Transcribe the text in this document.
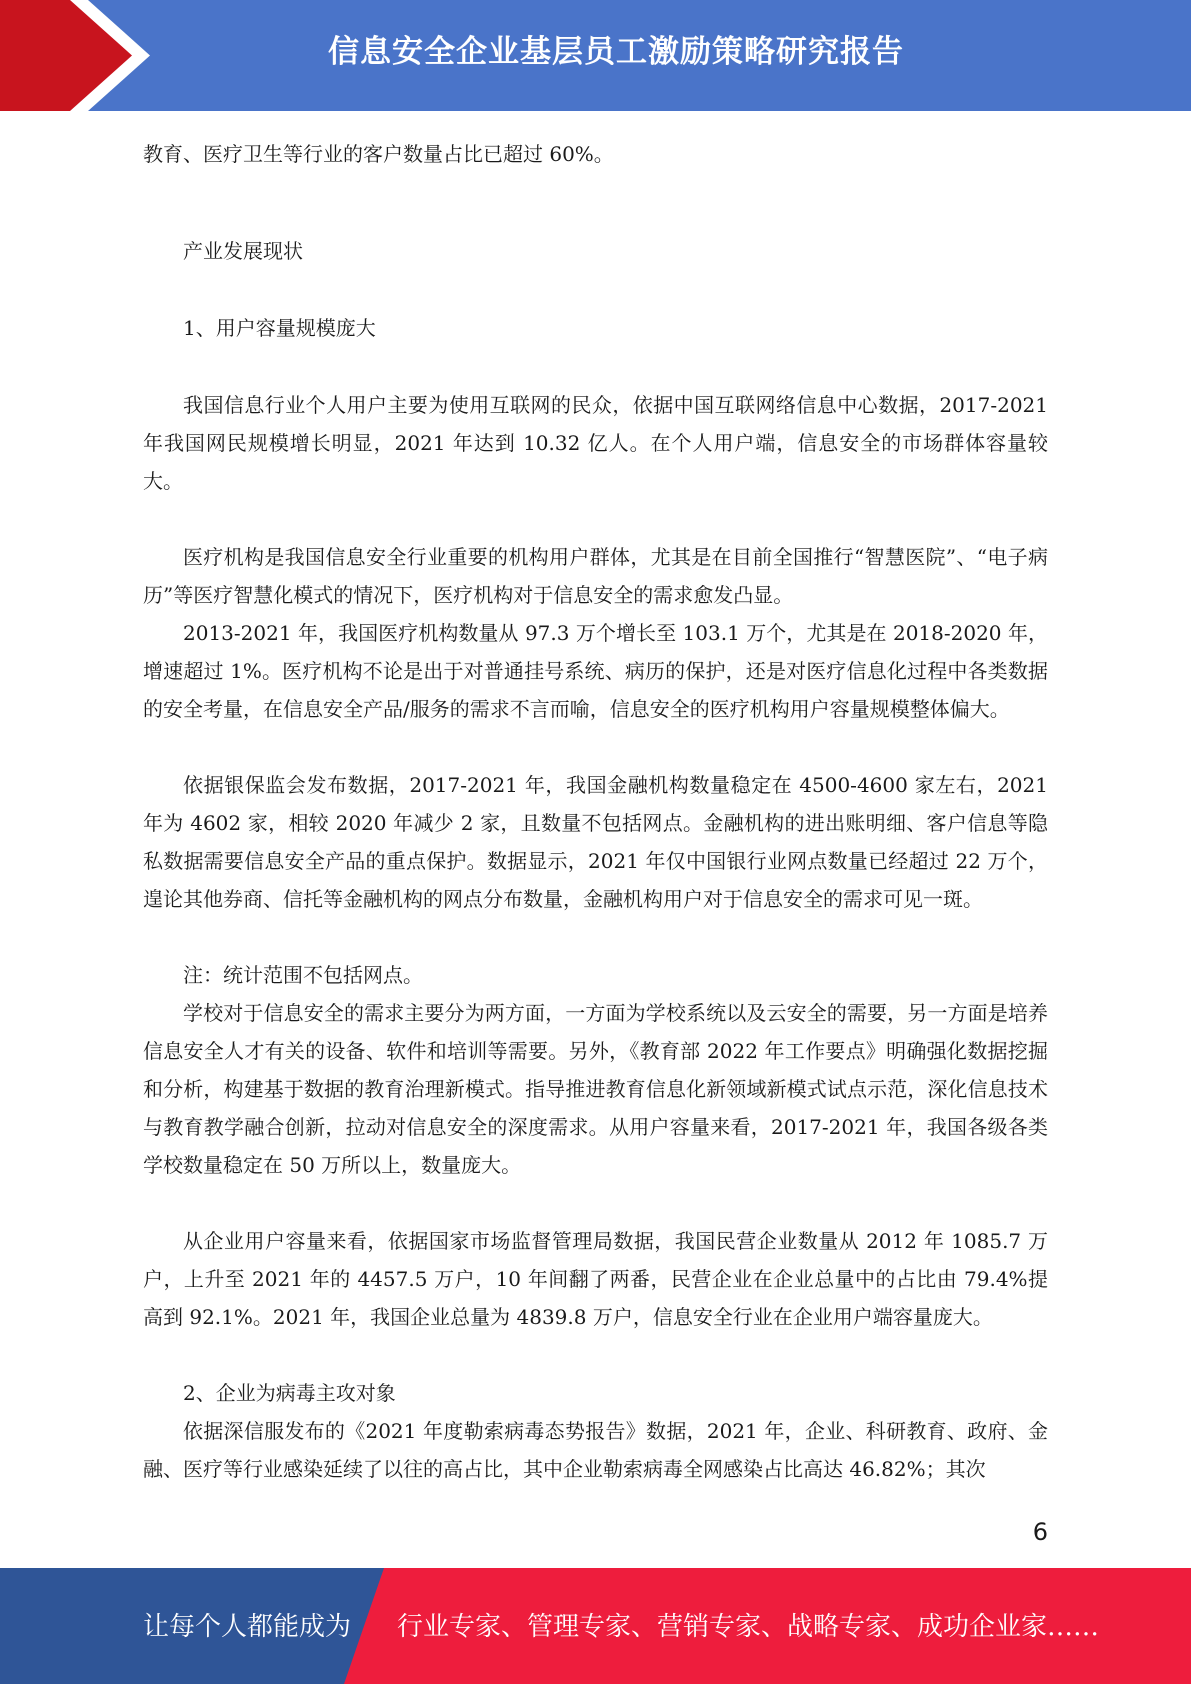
信息安全企业基层员工激励策略研究报告

教育、医疗卫生等行业的客户数量占比已超过 60%。

产业发展现状

1、用户容量规模庞大

我国信息行业个人用户主要为使用互联网的民众，依据中国互联网络信息中心数据，2017-2021 年我国网民规模增长明显，2021 年达到 10.32 亿人。在个人用户端，信息安全的市场群体容量较大。

医疗机构是我国信息安全行业重要的机构用户群体，尤其是在目前全国推行“智慧医院”、“电子病历”等医疗智慧化模式的情况下，医疗机构对于信息安全的需求愈发凸显。

2013-2021 年，我国医疗机构数量从 97.3 万个增长至 103.1 万个，尤其是在 2018-2020 年，增速超过 1%。医疗机构不论是出于对普通挂号系统、病历的保护，还是对医疗信息化过程中各类数据的安全考量，在信息安全产品/服务的需求不言而喻，信息安全的医疗机构用户容量规模整体偏大。

依据银保监会发布数据，2017-2021 年，我国金融机构数量稳定在 4500-4600 家左右，2021 年为 4602 家，相较 2020 年减少 2 家，且数量不包括网点。金融机构的进出账明细、客户信息等隐私数据需要信息安全产品的重点保护。数据显示，2021 年仅中国银行业网点数量已经超过 22 万个，遑论其他券商、信托等金融机构的网点分布数量，金融机构用户对于信息安全的需求可见一斑。

注：统计范围不包括网点。

学校对于信息安全的需求主要分为两方面，一方面为学校系统以及云安全的需要，另一方面是培养信息安全人才有关的设备、软件和培训等需要。另外，《教育部 2022 年工作要点》明确强化数据挖掘和分析，构建基于数据的教育治理新模式。指导推进教育信息化新领域新模式试点示范，深化信息技术与教育教学融合创新，拉动对信息安全的深度需求。从用户容量来看，2017-2021 年，我国各级各类学校数量稳定在 50 万所以上，数量庞大。

从企业用户容量来看，依据国家市场监督管理局数据，我国民营企业数量从 2012 年 1085.7 万户，上升至 2021 年的 4457.5 万户，10 年间翻了两番，民营企业在企业总量中的占比由 79.4%提高到 92.1%。2021 年，我国企业总量为 4839.8 万户，信息安全行业在企业用户端容量庞大。

2、企业为病毒主攻对象

依据深信服发布的《2021 年度勒索病毒态势报告》数据，2021 年，企业、科研教育、政府、金融、医疗等行业感染延续了以往的高占比，其中企业勒索病毒全网感染占比高达 46.82%；其次

6
让每个人都能成为 行业专家、管理专家、营销专家、战略专家、成功企业家……
